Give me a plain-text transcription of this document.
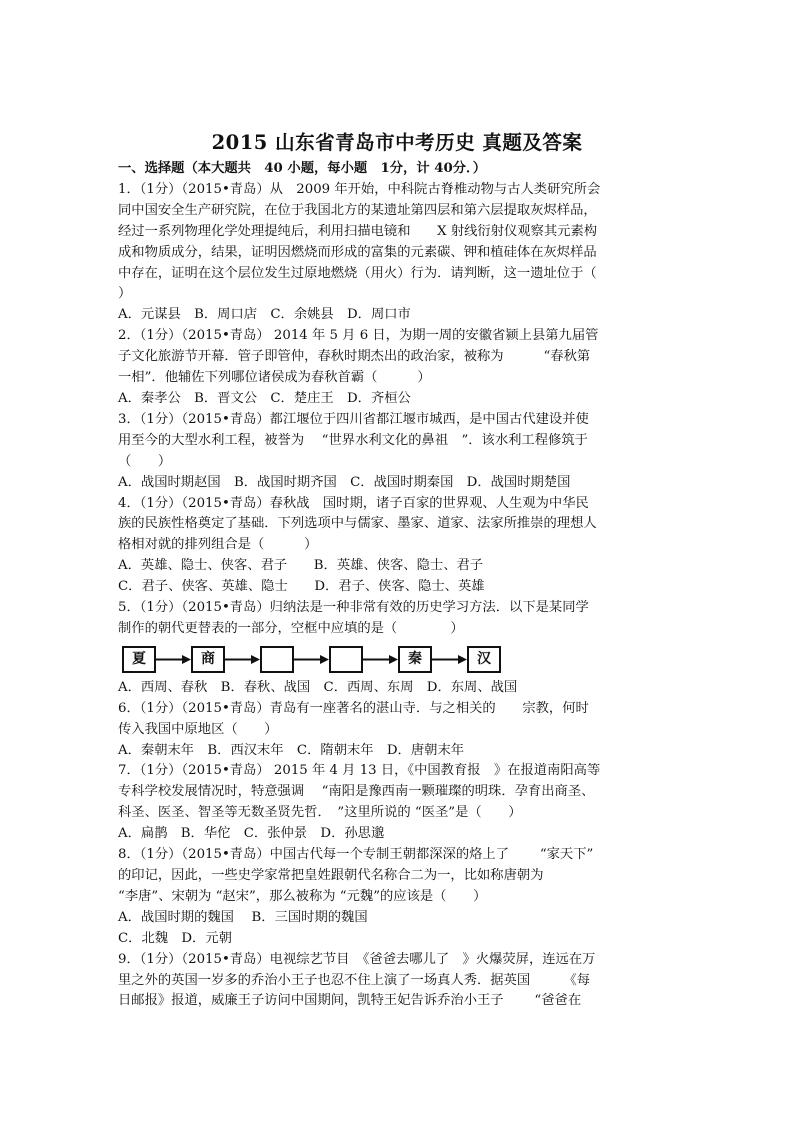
2015 山东省青岛市中考历史 真题及答案
一、选择题（本大题共　40 小题，每小题　1分，计 40分．）
1．（1分）（2015•青岛）从　2009 年开始，中科院古脊椎动物与古人类研究所会
同中国安全生产研究院，在位于我国北方的某遗址第四层和第六层提取灰烬样品，
经过一系列物理化学处理提纯后，利用扫描电镜和　　X 射线衍射仪观察其元素构
成和物质成分，结果，证明因燃烧而形成的富集的元素碳、钾和植硅体在灰烬样品
中存在，证明在这个层位发生过原地燃烧（用火）行为．请判断，这一遗址位于（
）
A．元谋县　B．周口店　C．余姚县　D．周口市
2．（1分）（2015•青岛） 2014 年 5 月 6 日，为期一周的安徽省颍上县第九届管
子文化旅游节开幕．管子即管仲，春秋时期杰出的政治家，被称为　　　“春秋第
一相”．他辅佐下列哪位诸侯成为春秋首霸（　　　）
A．秦孝公　B．晋文公　C．楚庄王　D．齐桓公
3．（1分）（2015•青岛）都江堰位于四川省都江堰市城西，是中国古代建设并使
用至今的大型水利工程，被誉为　 “世界水利文化的鼻祖　”．该水利工程修筑于
（　　）
A．战国时期赵国　B．战国时期齐国　C．战国时期秦国　D．战国时期楚国
4．（1分）（2015•青岛）春秋战　国时期，诸子百家的世界观、人生观为中华民
族的民族性格奠定了基础．下列选项中与儒家、墨家、道家、法家所推崇的理想人
格相对就的排列组合是（　　　）
A．英雄、隐士、侠客、君子　　B．英雄、侠客、隐士、君子
C．君子、侠客、英雄、隐士　　D．君子、侠客、隐士、英雄
5．（1分）（2015•青岛）归纳法是一种非常有效的历史学习方法．以下是某同学
制作的朝代更替表的一部分，空框中应填的是（　　　　）
夏	商	秦	汉
A．西周、春秋　B．春秋、战国　C．西周、东周　D．东周、战国
6．（1分）（2015•青岛）青岛有一座著名的湛山寺．与之相关的　　宗教，何时
传入我国中原地区（　　）
A．秦朝末年　B．西汉末年　C．隋朝末年　D．唐朝末年
7．（1分）（2015•青岛） 2015 年 4 月 13 日，《中国教育报　》在报道南阳高等
专科学校发展情况时，特意强调　 “南阳是豫西南一颗璀璨的明珠．孕育出商圣、
科圣、医圣、智圣等无数圣贤先哲．　”这里所说的 “医圣”是（　　）
A．扁鹊　B．华佗　C．张仲景　D．孙思邈
8．（1分）（2015•青岛）中国古代每一个专制王朝都深深的烙上了　　 “家天下”
的印记，因此，一些史学家常把皇姓跟朝代名称合二为一，比如称唐朝为
“李唐”、宋朝为 “赵宋”，那么被称为 “元魏”的应该是（　　）
A．战国时期的魏国　 B．三国时期的魏国
C．北魏　D．元朝
9．（1分）（2015•青岛）电视综艺节目　《爸爸去哪儿了　》火爆荧屏，连远在万
里之外的英国一岁多的乔治小王子也忍不住上演了一场真人秀．据英国　　　《每
日邮报》报道，威廉王子访问中国期间，凯特王妃告诉乔治小王子　　 “爸爸在
